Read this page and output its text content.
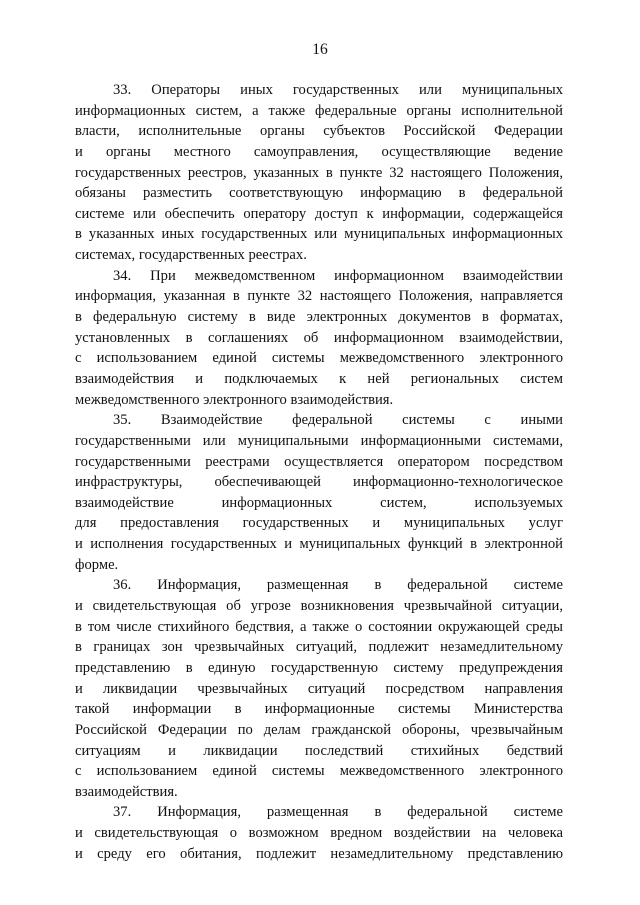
16
33. Операторы иных государственных или муниципальных
информационных систем, а также федеральные органы исполнительной
власти, исполнительные органы субъектов Российской Федерации
и органы местного самоуправления, осуществляющие ведение
государственных реестров, указанных в пункте 32 настоящего Положения,
обязаны разместить соответствующую информацию в федеральной
системе или обеспечить оператору доступ к информации, содержащейся
в указанных иных государственных или муниципальных информационных
системах, государственных реестрах.
34. При межведомственном информационном взаимодействии
информация, указанная в пункте 32 настоящего Положения, направляется
в федеральную систему в виде электронных документов в форматах,
установленных в соглашениях об информационном взаимодействии,
с использованием единой системы межведомственного электронного
взаимодействия и подключаемых к ней региональных систем
межведомственного электронного взаимодействия.
35. Взаимодействие федеральной системы с иными
государственными или муниципальными информационными системами,
государственными реестрами осуществляется оператором посредством
инфраструктуры, обеспечивающей информационно-технологическое
взаимодействие информационных систем, используемых
для предоставления государственных и муниципальных услуг
и исполнения государственных и муниципальных функций в электронной
форме.
36. Информация, размещенная в федеральной системе
и свидетельствующая об угрозе возникновения чрезвычайной ситуации,
в том числе стихийного бедствия, а также о состоянии окружающей среды
в границах зон чрезвычайных ситуаций, подлежит незамедлительному
представлению в единую государственную систему предупреждения
и ликвидации чрезвычайных ситуаций посредством направления
такой информации в информационные системы Министерства
Российской Федерации по делам гражданской обороны, чрезвычайным
ситуациям и ликвидации последствий стихийных бедствий
с использованием единой системы межведомственного электронного
взаимодействия.
37. Информация, размещенная в федеральной системе
и свидетельствующая о возможном вредном воздействии на человека
и среду его обитания, подлежит незамедлительному представлению
